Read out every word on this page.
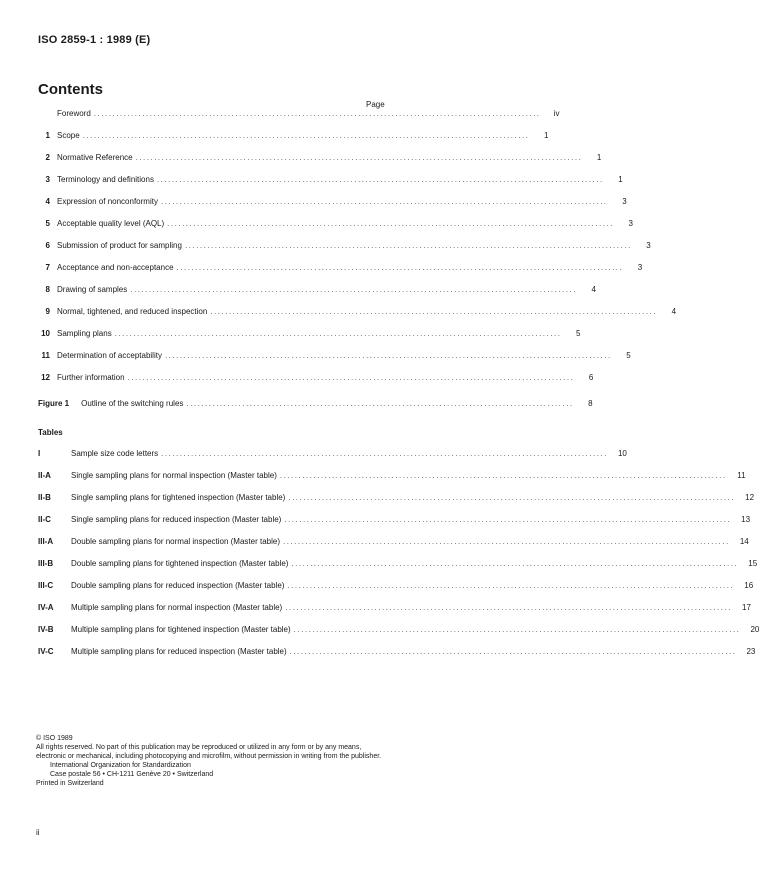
ISO 2859-1 : 1989 (E)
Contents
Page
Foreword ........................................................................................................................	iv
1 Scope ........................................................................................................................	1
2 Normative Reference ........................................................................................................................	1
3 Terminology and definitions ........................................................................................................................	1
4 Expression of nonconformity ........................................................................................................................	3
5 Acceptable quality level (AQL) ........................................................................................................................	3
6 Submission of product for sampling ........................................................................................................................	3
7 Acceptance and non-acceptance ........................................................................................................................	3
8 Drawing of samples ........................................................................................................................	4
9 Normal, tightened, and reduced inspection ........................................................................................................................	4
10 Sampling plans ........................................................................................................................	5
11 Determination of acceptability ........................................................................................................................	5
12 Further information ........................................................................................................................	6
Figure 1 Outline of the switching rules ........................................................................................................	8
Tables
I	Sample size code letters ........................................................................................................................	10
II-A	Single sampling plans for normal inspection (Master table) ........................................................................................................................	11
II-B	Single sampling plans for tightened inspection (Master table) ........................................................................................................................	12
II-C	Single sampling plans for reduced inspection (Master table) ........................................................................................................................	13
III-A	Double sampling plans for normal inspection (Master table) ........................................................................................................................	14
III-B	Double sampling plans for tightened inspection (Master table) ........................................................................................................................	15
III-C	Double sampling plans for reduced inspection (Master table) ........................................................................................................................	16
IV-A	Multiple sampling plans for normal inspection (Master table) ........................................................................................................................	17
IV-B	Multiple sampling plans for tightened inspection (Master table) ........................................................................................................................	20
IV-C	Multiple sampling plans for reduced inspection (Master table) ........................................................................................................................	23
© ISO 1989
All rights reserved. No part of this publication may be reproduced or utilized in any form or by any means, electronic or mechanical, including photocopying and microfilm, without permission in writing from the publisher.
International Organization for Standardization
Case postale 56 • CH-1211 Genève 20 • Switzerland
Printed in Switzerland
ii
